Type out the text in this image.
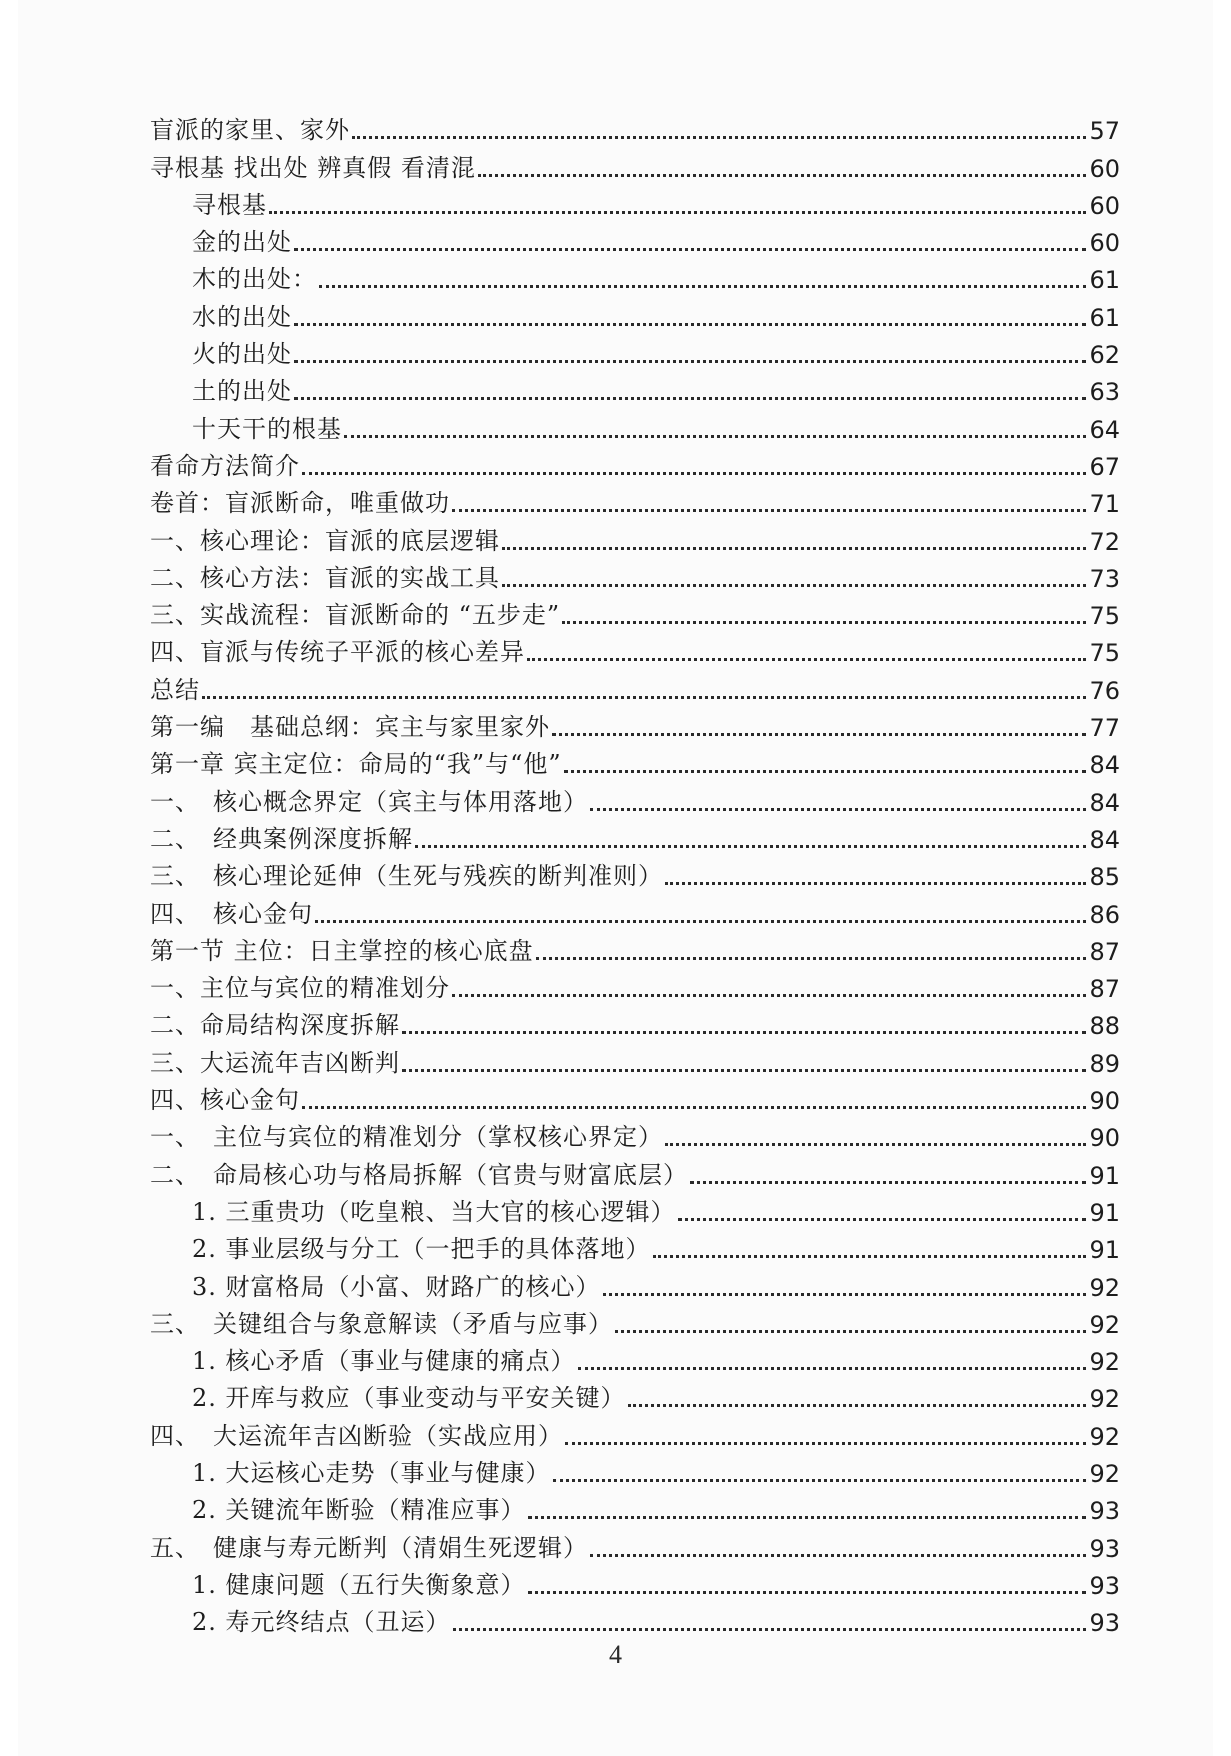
盲派的家里、家外	57
寻根基 找出处 辨真假 看清混	60
寻根基	60
金的出处	60
木的出处：	61
水的出处	61
火的出处	62
土的出处	63
十天干的根基	64
看命方法简介	67
卷首：盲派断命，唯重做功	71
一、核心理论：盲派的底层逻辑	72
二、核心方法：盲派的实战工具	73
三、实战流程：盲派断命的 “五步走”	75
四、盲派与传统子平派的核心差异	75
总结	76
第一编　基础总纲：宾主与家里家外	77
第一章 宾主定位：命局的“我”与“他”	84
一、　核心概念界定（宾主与体用落地）	84
二、　经典案例深度拆解	84
三、　核心理论延伸（生死与残疾的断判准则）	85
四、　核心金句	86
第一节 主位：日主掌控的核心底盘	87
一、主位与宾位的精准划分	87
二、命局结构深度拆解	88
三、大运流年吉凶断判	89
四、核心金句	90
一、　主位与宾位的精准划分（掌权核心界定）	90
二、　命局核心功与格局拆解（官贵与财富底层）	91
1. 三重贵功（吃皇粮、当大官的核心逻辑）	91
2. 事业层级与分工（一把手的具体落地）	91
3. 财富格局（小富、财路广的核心）	92
三、　关键组合与象意解读（矛盾与应事）	92
1. 核心矛盾（事业与健康的痛点）	92
2. 开库与救应（事业变动与平安关键）	92
四、　大运流年吉凶断验（实战应用）	92
1. 大运核心走势（事业与健康）	92
2. 关键流年断验（精准应事）	93
五、　健康与寿元断判（清娟生死逻辑）	93
1. 健康问题（五行失衡象意）	93
2. 寿元终结点（丑运）	93
4
